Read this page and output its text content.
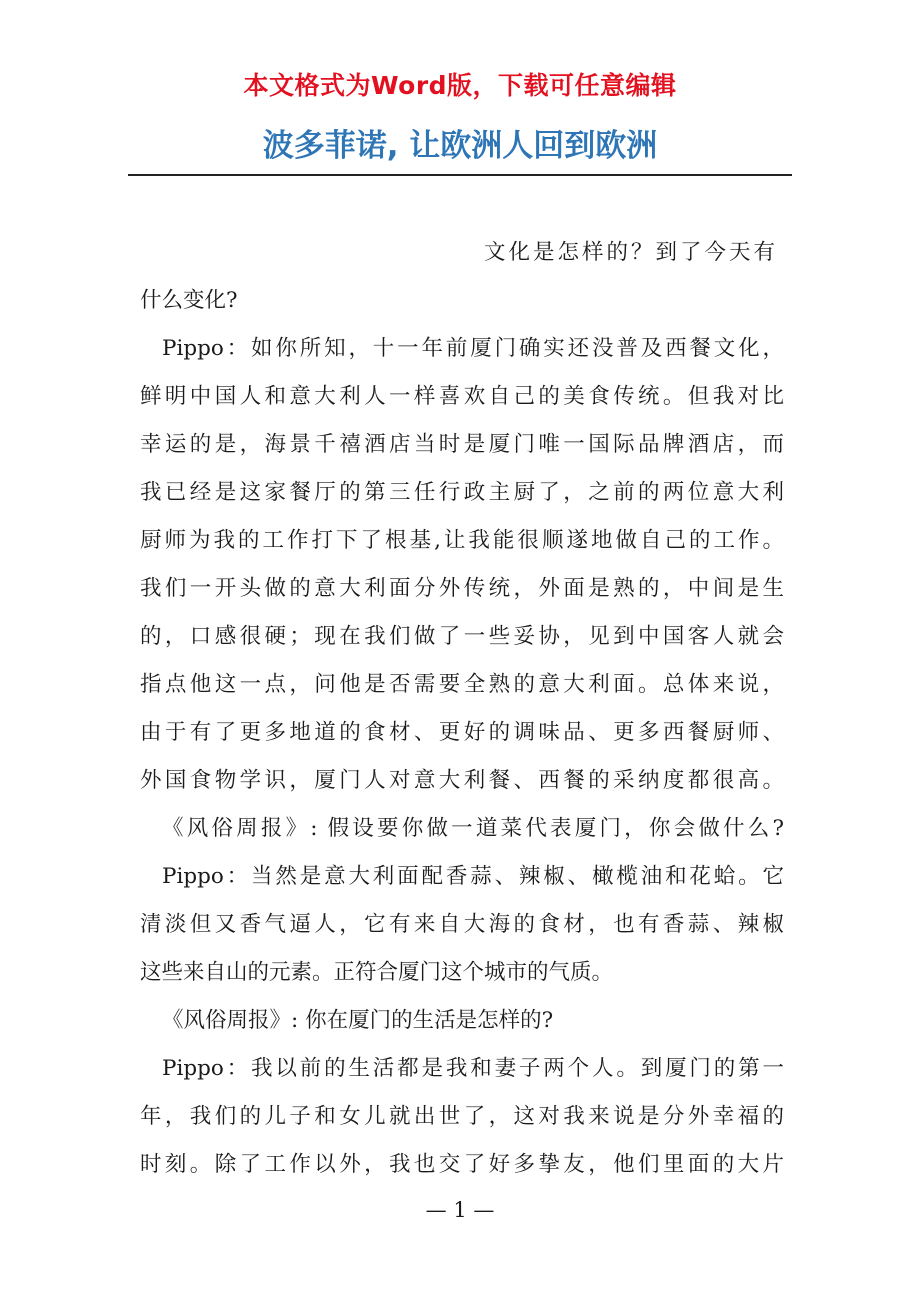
本文格式为Word版，下载可任意编辑
波多菲诺, 让欧洲人回到欧洲
文化是怎样的？到了今天有
什么变化?
Pippo：如你所知，十一年前厦门确实还没普及西餐文化，
鲜明中国人和意大利人一样喜欢自己的美食传统。但我对比
幸运的是，海景千禧酒店当时是厦门唯一国际品牌酒店，而
我已经是这家餐厅的第三任行政主厨了，之前的两位意大利
厨师为我的工作打下了根基,让我能很顺遂地做自己的工作。
我们一开头做的意大利面分外传统，外面是熟的，中间是生
的，口感很硬；现在我们做了一些妥协，见到中国客人就会
指点他这一点，问他是否需要全熟的意大利面。总体来说，
由于有了更多地道的食材、更好的调味品、更多西餐厨师、
外国食物学识，厦门人对意大利餐、西餐的采纳度都很高。
《风俗周报》: 假设要你做一道菜代表厦门，你会做什么?
Pippo：当然是意大利面配香蒜、辣椒、橄榄油和花蛤。它
清淡但又香气逼人，它有来自大海的食材，也有香蒜、辣椒
这些来自山的元素。正符合厦门这个城市的气质。
《风俗周报》: 你在厦门的生活是怎样的?
Pippo：我以前的生活都是我和妻子两个人。到厦门的第一
年，我们的儿子和女儿就出世了，这对我来说是分外幸福的
时刻。除了工作以外，我也交了好多挚友，他们里面的大片
— 1 —
